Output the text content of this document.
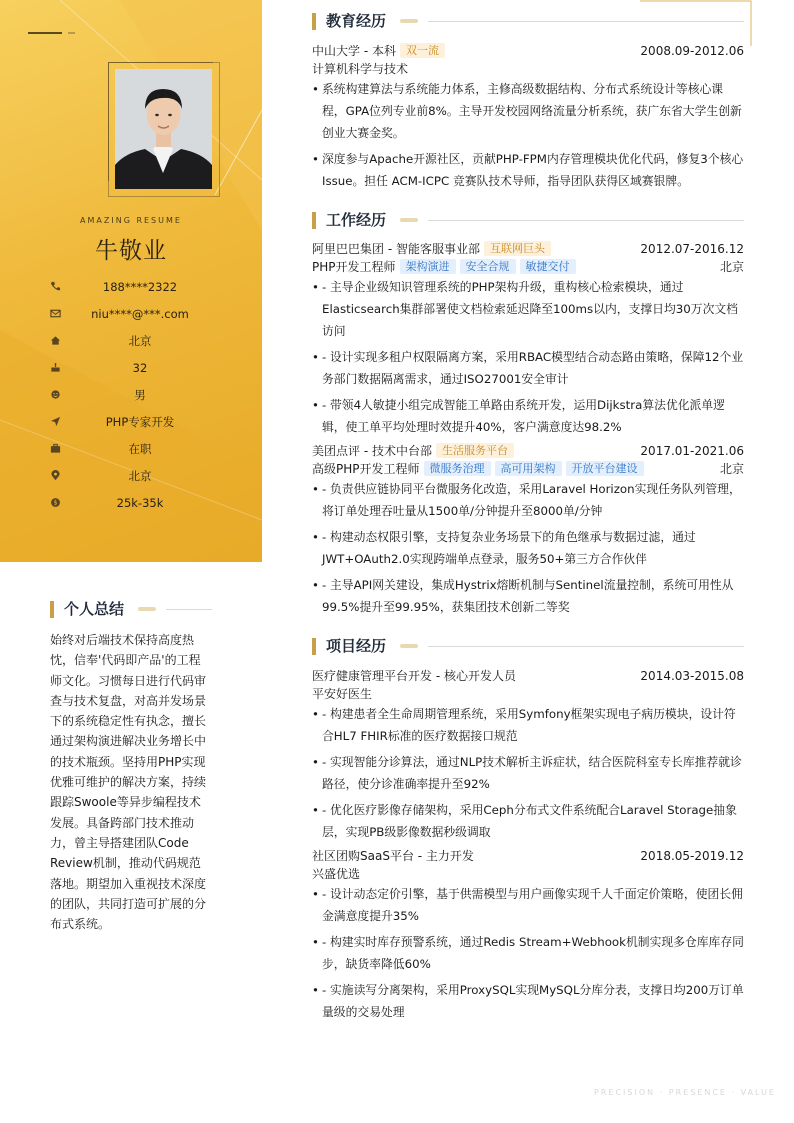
AMAZING RESUME
牛敬业
188****2322
niu****@***.com
北京
32
男
PHP专家开发
在职
北京
$	25k-35k
个人总结
始终对后端技术保持高度热忱，信奉'代码即产品'的工程师文化。习惯每日进行代码审查与技术复盘，对高并发场景下的系统稳定性有执念，擅长通过架构演进解决业务增长中的技术瓶颈。坚持用PHP实现优雅可维护的解决方案，持续跟踪Swoole等异步编程技术发展。具备跨部门技术推动力，曾主导搭建团队Code Review机制，推动代码规范落地。期望加入重视技术深度的团队，共同打造可扩展的分布式系统。
教育经历
中山大学 - 本科 双一流	2008.09-2012.06
计算机科学与技术
• 系统构建算法与系统能力体系，主修高级数据结构、分布式系统设计等核心课程，GPA位列专业前8%。主导开发校园网络流量分析系统，获广东省大学生创新创业大赛金奖。
• 深度参与Apache开源社区，贡献PHP-FPM内存管理模块优化代码，修复3个核心Issue。担任 ACM-ICPC 竞赛队技术导师，指导团队获得区域赛银牌。
工作经历
阿里巴巴集团 - 智能客服事业部 互联网巨头	2012.07-2016.12
PHP开发工程师 架构演进 安全合规 敏捷交付	北京
• - 主导企业级知识管理系统的PHP架构升级，重构核心检索模块，通过Elasticsearch集群部署使文档检索延迟降至100ms以内，支撑日均30万次文档访问
• - 设计实现多租户权限隔离方案，采用RBAC模型结合动态路由策略，保障12个业务部门数据隔离需求，通过ISO27001安全审计
• - 带领4人敏捷小组完成智能工单路由系统开发，运用Dijkstra算法优化派单逻辑，使工单平均处理时效提升40%，客户满意度达98.2%
美团点评 - 技术中台部 生活服务平台	2017.01-2021.06
高级PHP开发工程师 微服务治理 高可用架构 开放平台建设	北京
• - 负责供应链协同平台微服务化改造，采用Laravel Horizon实现任务队列管理，将订单处理吞吐量从1500单/分钟提升至8000单/分钟
• - 构建动态权限引擎，支持复杂业务场景下的角色继承与数据过滤，通过JWT+OAuth2.0实现跨端单点登录，服务50+第三方合作伙伴
• - 主导API网关建设，集成Hystrix熔断机制与Sentinel流量控制，系统可用性从99.5%提升至99.95%，获集团技术创新二等奖
项目经历
医疗健康管理平台开发 - 核心开发人员	2014.03-2015.08
平安好医生
• - 构建患者全生命周期管理系统，采用Symfony框架实现电子病历模块，设计符合HL7 FHIR标准的医疗数据接口规范
• - 实现智能分诊算法，通过NLP技术解析主诉症状，结合医院科室专长库推荐就诊路径，使分诊准确率提升至92%
• - 优化医疗影像存储架构，采用Ceph分布式文件系统配合Laravel Storage抽象层，实现PB级影像数据秒级调取
社区团购SaaS平台 - 主力开发	2018.05-2019.12
兴盛优选
• - 设计动态定价引擎，基于供需模型与用户画像实现千人千面定价策略，使团长佣金满意度提升35%
• - 构建实时库存预警系统，通过Redis Stream+Webhook机制实现多仓库库存同步，缺货率降低60%
• - 实施读写分离架构，采用ProxySQL实现MySQL分库分表，支撑日均200万订单量级的交易处理
PRECISION · PRESENCE · VALUE
